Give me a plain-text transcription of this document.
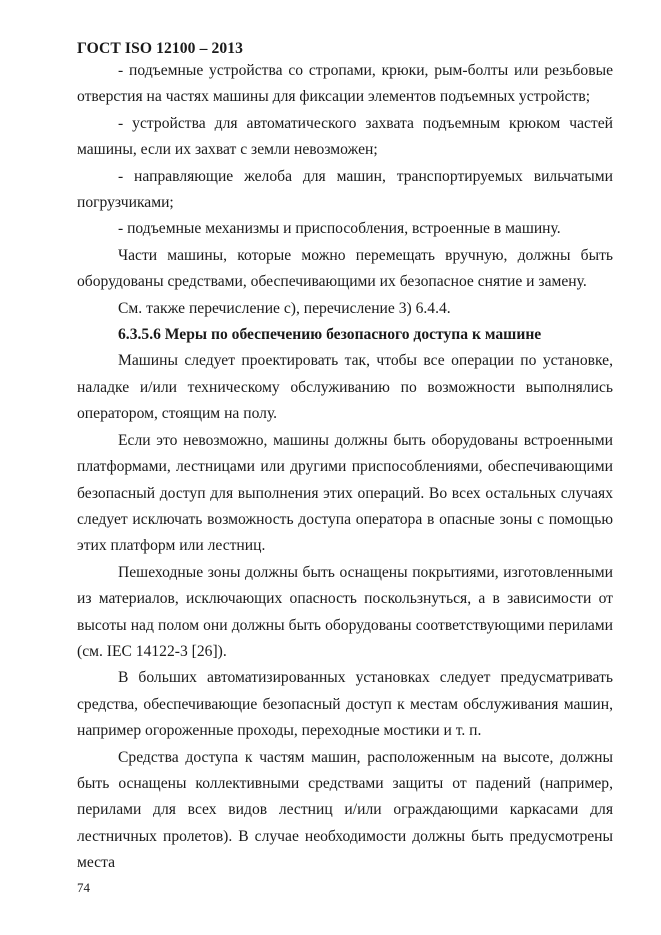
ГОСТ ISO 12100 – 2013

- подъемные устройства со стропами, крюки, рым-болты или резьбовые отверстия на частях машины для фиксации элементов подъемных устройств;

- устройства для автоматического захвата подъемным крюком частей машины, если их захват с земли невозможен;

- направляющие желоба для машин, транспортируемых вильчатыми погрузчиками;

- подъемные механизмы и приспособления, встроенные в машину.

Части машины, которые можно перемещать вручную, должны быть оборудованы средствами, обеспечивающими их безопасное снятие и замену.

См. также перечисление с), перечисление 3) 6.4.4.

6.3.5.6 Меры по обеспечению безопасного доступа к машине

Машины следует проектировать так, чтобы все операции по установке, наладке и/или техническому обслуживанию по возможности выполнялись оператором, стоящим на полу.

Если это невозможно, машины должны быть оборудованы встроенными платформами, лестницами или другими приспособлениями, обеспечивающими безопасный доступ для выполнения этих операций. Во всех остальных случаях следует исключать возможность доступа оператора в опасные зоны с помощью этих платформ или лестниц.

Пешеходные зоны должны быть оснащены покрытиями, изготовленными из материалов, исключающих опасность поскользнуться, а в зависимости от высоты над полом они должны быть оборудованы соответствующими перилами (см. IEC 14122-3 [26]).

В больших автоматизированных установках следует предусматривать средства, обеспечивающие безопасный доступ к местам обслуживания машин, например огороженные проходы, переходные мостики и т. п.

Средства доступа к частям машин, расположенным на высоте, должны быть оснащены коллективными средствами защиты от падений (например, перилами для всех видов лестниц и/или ограждающими каркасами для лестничных пролетов). В случае необходимости должны быть предусмотрены места

74
